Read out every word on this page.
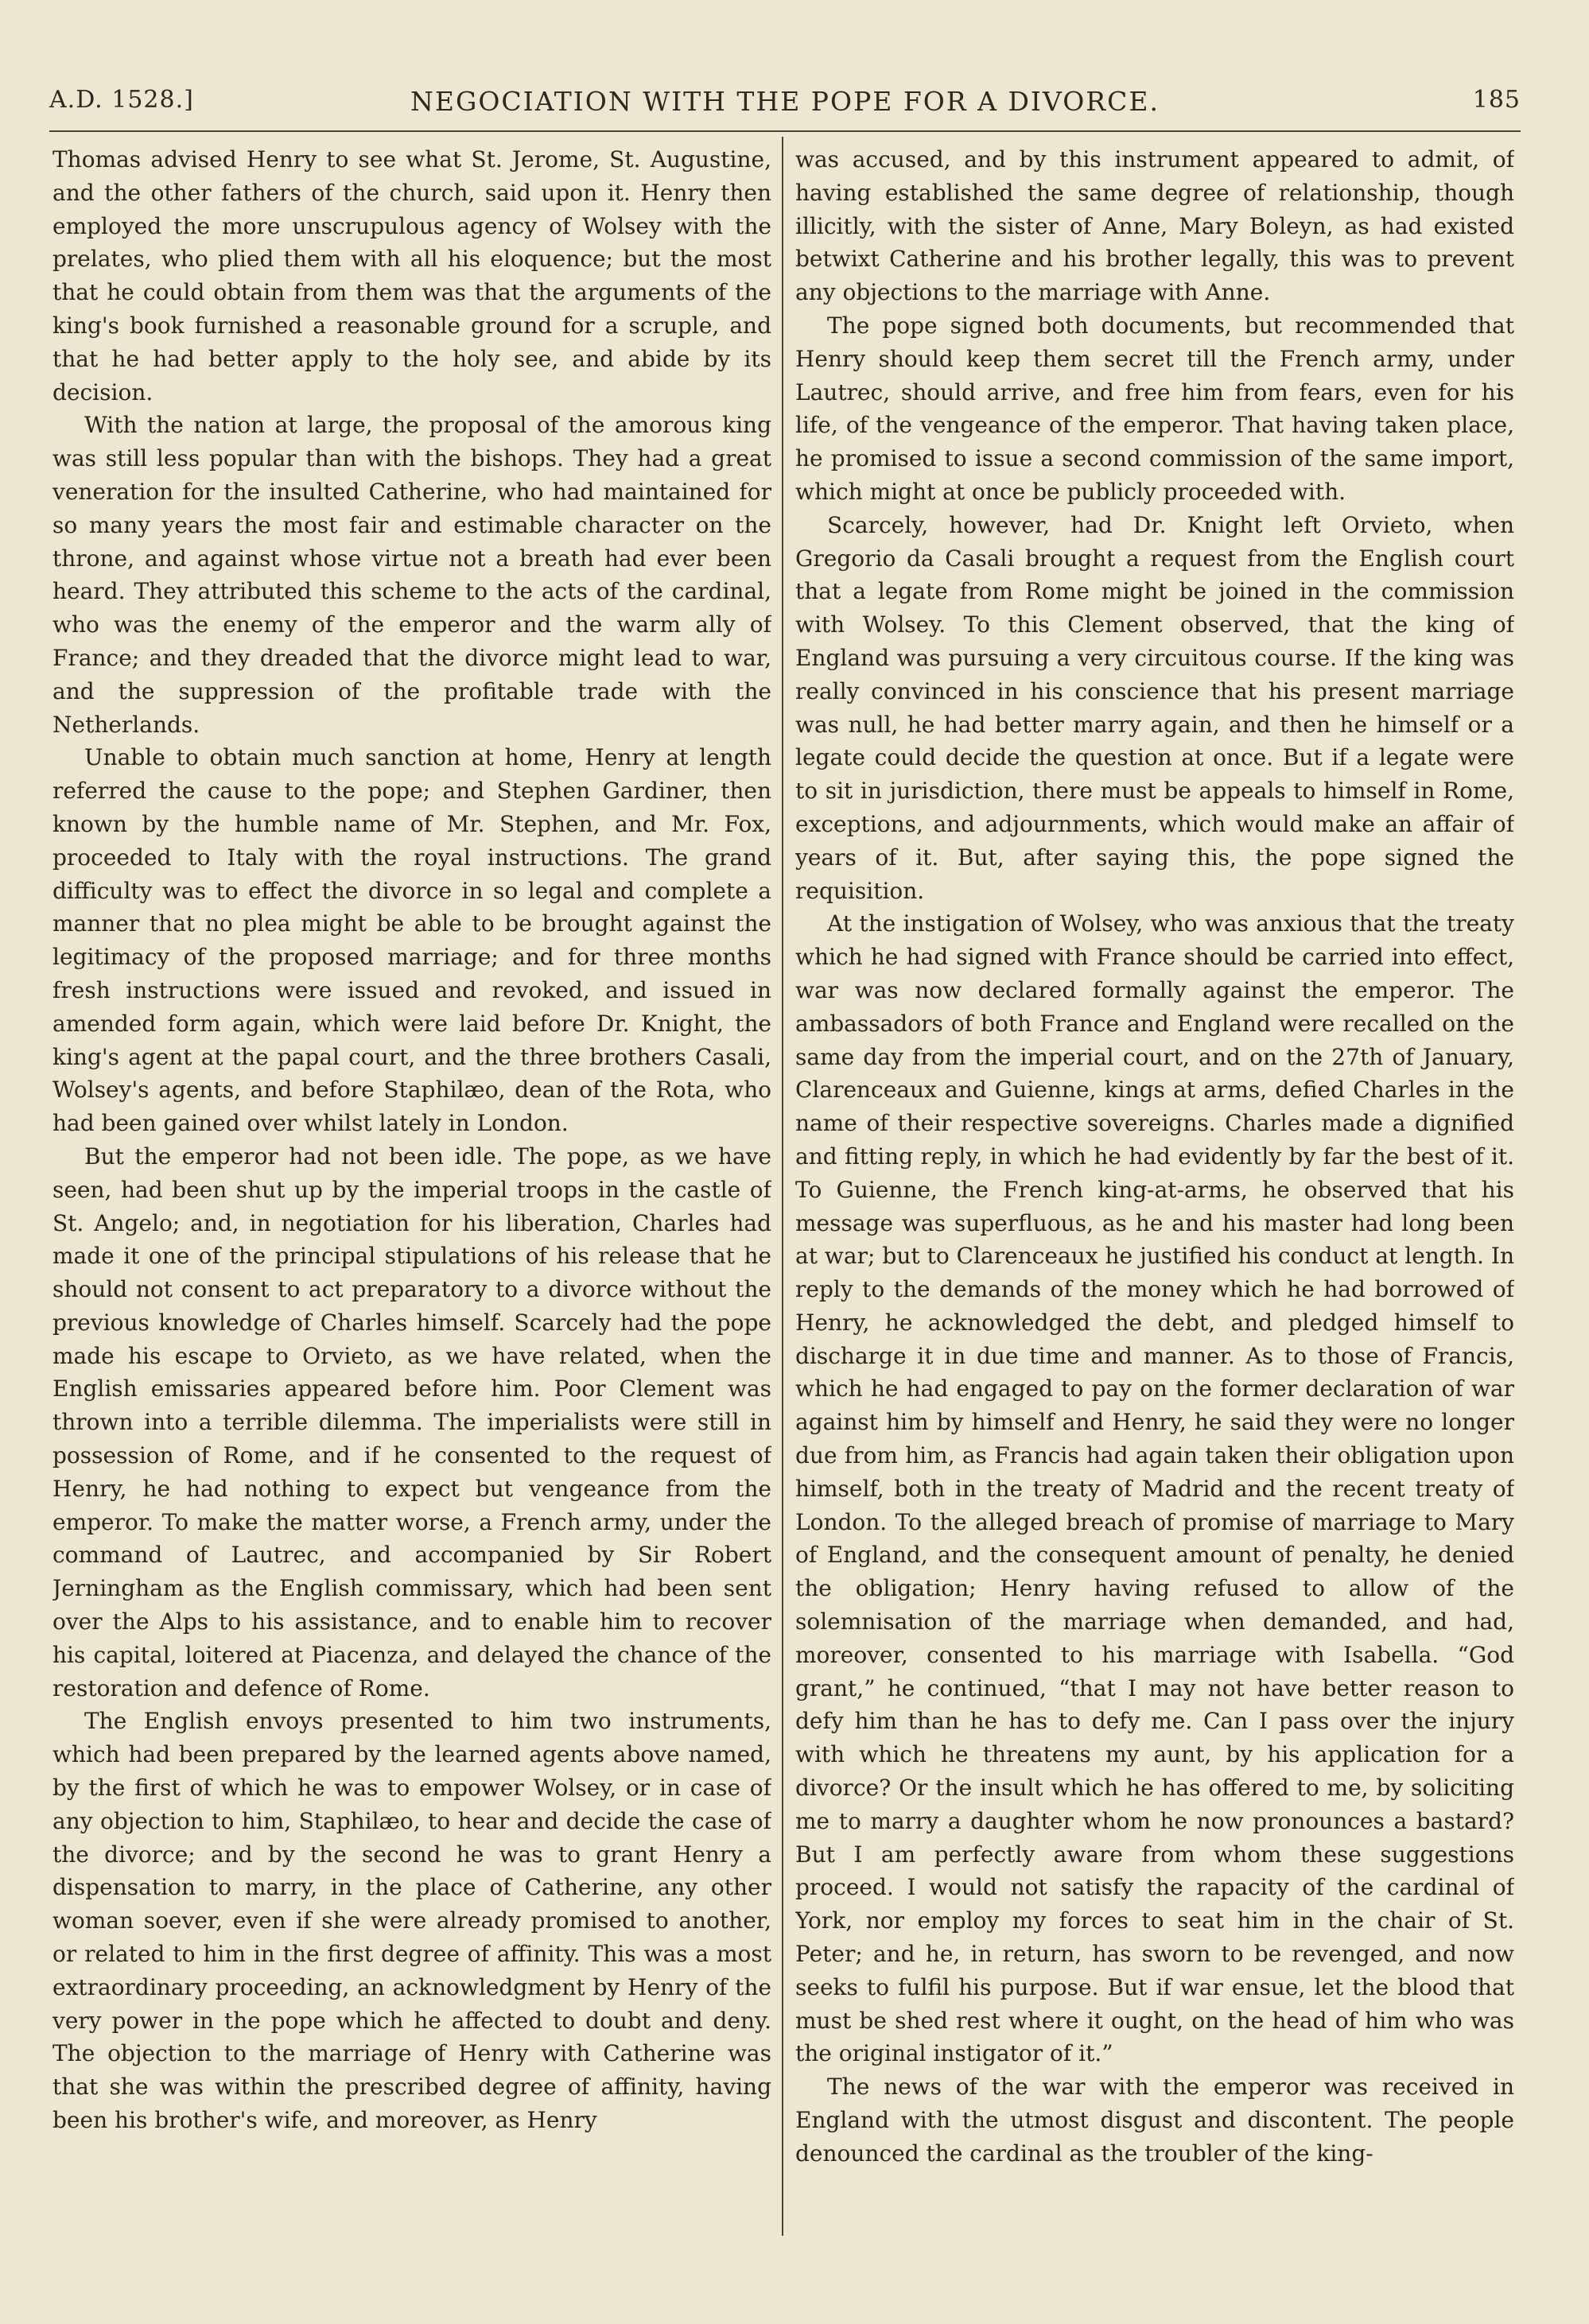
NEGOCIATION WITH THE POPE FOR A DIVORCE.
A.D. 1528.]	185

Thomas advised Henry to see what St. Jerome, St. Augustine, and the other fathers of the church, said upon it. Henry then employed the more unscrupulous agency of Wolsey with the prelates, who plied them with all his eloquence; but the most that he could obtain from them was that the arguments of the king's book furnished a reasonable ground for a scruple, and that he had better apply to the holy see, and abide by its decision.

With the nation at large, the proposal of the amorous king was still less popular than with the bishops. They had a great veneration for the insulted Catherine, who had maintained for so many years the most fair and estimable character on the throne, and against whose virtue not a breath had ever been heard. They attributed this scheme to the acts of the cardinal, who was the enemy of the emperor and the warm ally of France; and they dreaded that the divorce might lead to war, and the suppression of the profitable trade with the Netherlands.

Unable to obtain much sanction at home, Henry at length referred the cause to the pope; and Stephen Gardiner, then known by the humble name of Mr. Stephen, and Mr. Fox, proceeded to Italy with the royal instructions. The grand difficulty was to effect the divorce in so legal and complete a manner that no plea might be able to be brought against the legitimacy of the proposed marriage; and for three months fresh instructions were issued and revoked, and issued in amended form again, which were laid before Dr. Knight, the king's agent at the papal court, and the three brothers Casali, Wolsey's agents, and before Staphilæo, dean of the Rota, who had been gained over whilst lately in London.

But the emperor had not been idle. The pope, as we have seen, had been shut up by the imperial troops in the castle of St. Angelo; and, in negotiation for his liberation, Charles had made it one of the principal stipulations of his release that he should not consent to act preparatory to a divorce without the previous knowledge of Charles himself. Scarcely had the pope made his escape to Orvieto, as we have related, when the English emissaries appeared before him. Poor Clement was thrown into a terrible dilemma. The imperialists were still in possession of Rome, and if he consented to the request of Henry, he had nothing to expect but vengeance from the emperor. To make the matter worse, a French army, under the command of Lautrec, and accompanied by Sir Robert Jerningham as the English commissary, which had been sent over the Alps to his assistance, and to enable him to recover his capital, loitered at Piacenza, and delayed the chance of the restoration and defence of Rome.

The English envoys presented to him two instruments, which had been prepared by the learned agents above named, by the first of which he was to empower Wolsey, or in case of any objection to him, Staphilæo, to hear and decide the case of the divorce; and by the second he was to grant Henry a dispensation to marry, in the place of Catherine, any other woman soever, even if she were already promised to another, or related to him in the first degree of affinity. This was a most extraordinary proceeding, an acknowledgment by Henry of the very power in the pope which he affected to doubt and deny. The objection to the marriage of Henry with Catherine was that she was within the prescribed degree of affinity, having been his brother's wife, and moreover, as Henry

was accused, and by this instrument appeared to admit, of having established the same degree of relationship, though illicitly, with the sister of Anne, Mary Boleyn, as had existed betwixt Catherine and his brother legally, this was to prevent any objections to the marriage with Anne.

The pope signed both documents, but recommended that Henry should keep them secret till the French army, under Lautrec, should arrive, and free him from fears, even for his life, of the vengeance of the emperor. That having taken place, he promised to issue a second commission of the same import, which might at once be publicly proceeded with.

Scarcely, however, had Dr. Knight left Orvieto, when Gregorio da Casali brought a request from the English court that a legate from Rome might be joined in the commission with Wolsey. To this Clement observed, that the king of England was pursuing a very circuitous course. If the king was really convinced in his conscience that his present marriage was null, he had better marry again, and then he himself or a legate could decide the question at once. But if a legate were to sit in jurisdiction, there must be appeals to himself in Rome, exceptions, and adjournments, which would make an affair of years of it. But, after saying this, the pope signed the requisition.

At the instigation of Wolsey, who was anxious that the treaty which he had signed with France should be carried into effect, war was now declared formally against the emperor. The ambassadors of both France and England were recalled on the same day from the imperial court, and on the 27th of January, Clarenceaux and Guienne, kings at arms, defied Charles in the name of their respective sovereigns. Charles made a dignified and fitting reply, in which he had evidently by far the best of it. To Guienne, the French king-at-arms, he observed that his message was superfluous, as he and his master had long been at war; but to Clarenceaux he justified his conduct at length. In reply to the demands of the money which he had borrowed of Henry, he acknowledged the debt, and pledged himself to discharge it in due time and manner. As to those of Francis, which he had engaged to pay on the former declaration of war against him by himself and Henry, he said they were no longer due from him, as Francis had again taken their obligation upon himself, both in the treaty of Madrid and the recent treaty of London. To the alleged breach of promise of marriage to Mary of England, and the consequent amount of penalty, he denied the obligation; Henry having refused to allow of the solemnisation of the marriage when demanded, and had, moreover, consented to his marriage with Isabella. “God grant,” he continued, “that I may not have better reason to defy him than he has to defy me. Can I pass over the injury with which he threatens my aunt, by his application for a divorce? Or the insult which he has offered to me, by soliciting me to marry a daughter whom he now pronounces a bastard? But I am perfectly aware from whom these suggestions proceed. I would not satisfy the rapacity of the cardinal of York, nor employ my forces to seat him in the chair of St. Peter; and he, in return, has sworn to be revenged, and now seeks to fulfil his purpose. But if war ensue, let the blood that must be shed rest where it ought, on the head of him who was the original instigator of it.”

The news of the war with the emperor was received in England with the utmost disgust and discontent. The people denounced the cardinal as the troubler of the king-
